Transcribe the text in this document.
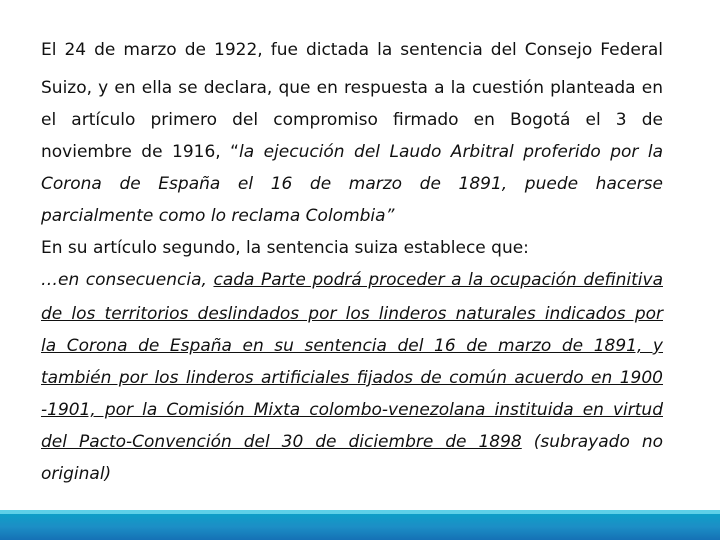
El 24 de marzo de 1922, fue dictada la sentencia del Consejo Federal
Suizo, y en ella se declara, que en respuesta a la cuestión planteada en
el artículo primero del compromiso firmado en Bogotá el 3 de
noviembre de 1916, “la ejecución del Laudo Arbitral proferido por la
Corona de España el 16 de marzo de 1891, puede hacerse
parcialmente como lo reclama Colombia”
En su artículo segundo, la sentencia suiza establece que:
…en consecuencia, cada Parte podrá proceder a la ocupación definitiva
de los territorios deslindados por los linderos naturales indicados por
la Corona de España en su sentencia del 16 de marzo de 1891, y
también por los linderos artificiales fijados de común acuerdo en 1900
-1901, por la Comisión Mixta colombo-venezolana instituida en virtud
del Pacto-Convención del 30 de diciembre de 1898 (subrayado no
original)
